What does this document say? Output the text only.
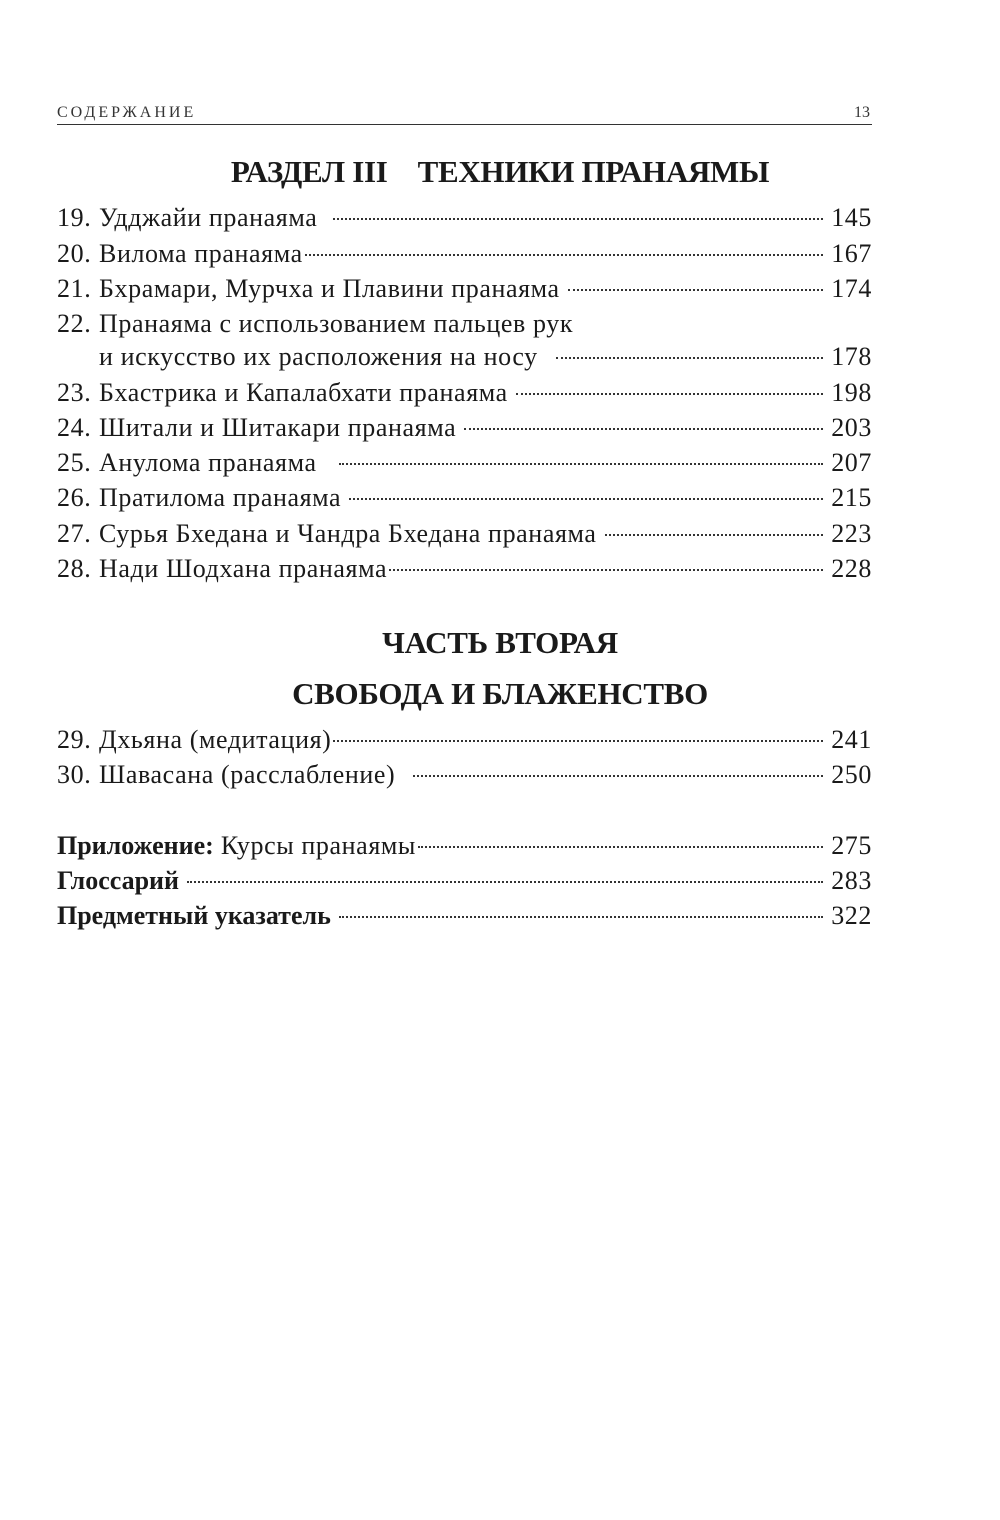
СОДЕРЖАНИЕ	13
РАЗДЕЛ III ТЕХНИКИ ПРАНАЯМЫ
19. Удджайи пранаяма	145
20. Вилома пранаяма	167
21. Бхрамари, Мурчха и Плавини пранаяма	174
22. Пранаяма с использованием пальцев рук
и искусство их расположения на носу	178
23. Бхастрика и Капалабхати пранаяма	198
24. Шитали и Шитакари пранаяма	203
25. Анулома пранаяма	207
26. Пратилома пранаяма	215
27. Сурья Бхедана и Чандра Бхедана пранаяма	223
28. Нади Шодхана пранаяма	228
ЧАСТЬ ВТОРАЯ
СВОБОДА И БЛАЖЕНСТВО
29. Дхьяна (медитация)	241
30. Шавасана (расслабление)	250
Приложение: Курсы пранаямы	275
Глоссарий	283
Предметный указатель	322
